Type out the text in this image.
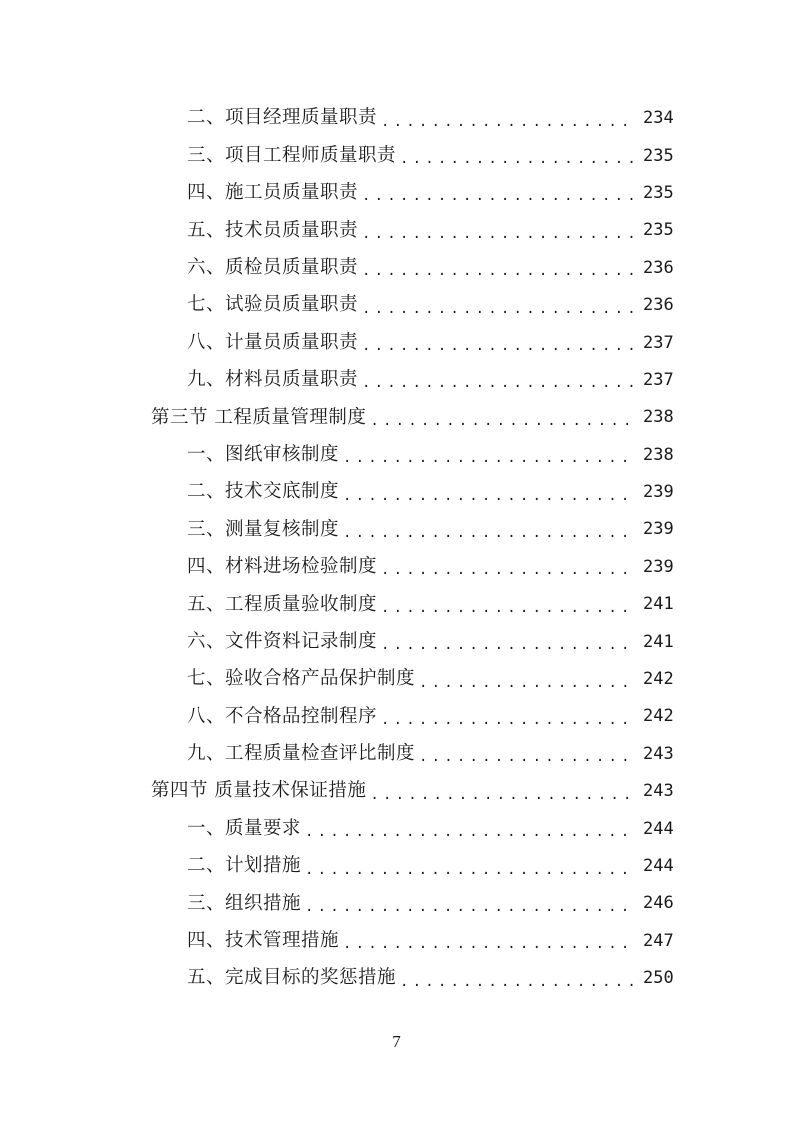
二、项目经理质量职责 .....	234
三、项目工程师质量职责 .....	235
四、施工员质量职责 .....	235
五、技术员质量职责 .....	235
六、质检员质量职责 .....	236
七、试验员质量职责 .....	236
八、计量员质量职责 .....	237
九、材料员质量职责 .....	237
第三节 工程质量管理制度 .....	238
一、图纸审核制度 .....	238
二、技术交底制度 .....	239
三、测量复核制度 .....	239
四、材料进场检验制度 .....	239
五、工程质量验收制度 .....	241
六、文件资料记录制度 .....	241
七、验收合格产品保护制度 .....	242
八、不合格品控制程序 .....	242
九、工程质量检查评比制度 .....	243
第四节 质量技术保证措施 .....	243
一、质量要求 .....	244
二、计划措施 .....	244
三、组织措施 .....	246
四、技术管理措施 .....	247
五、完成目标的奖惩措施 .....	250
7
